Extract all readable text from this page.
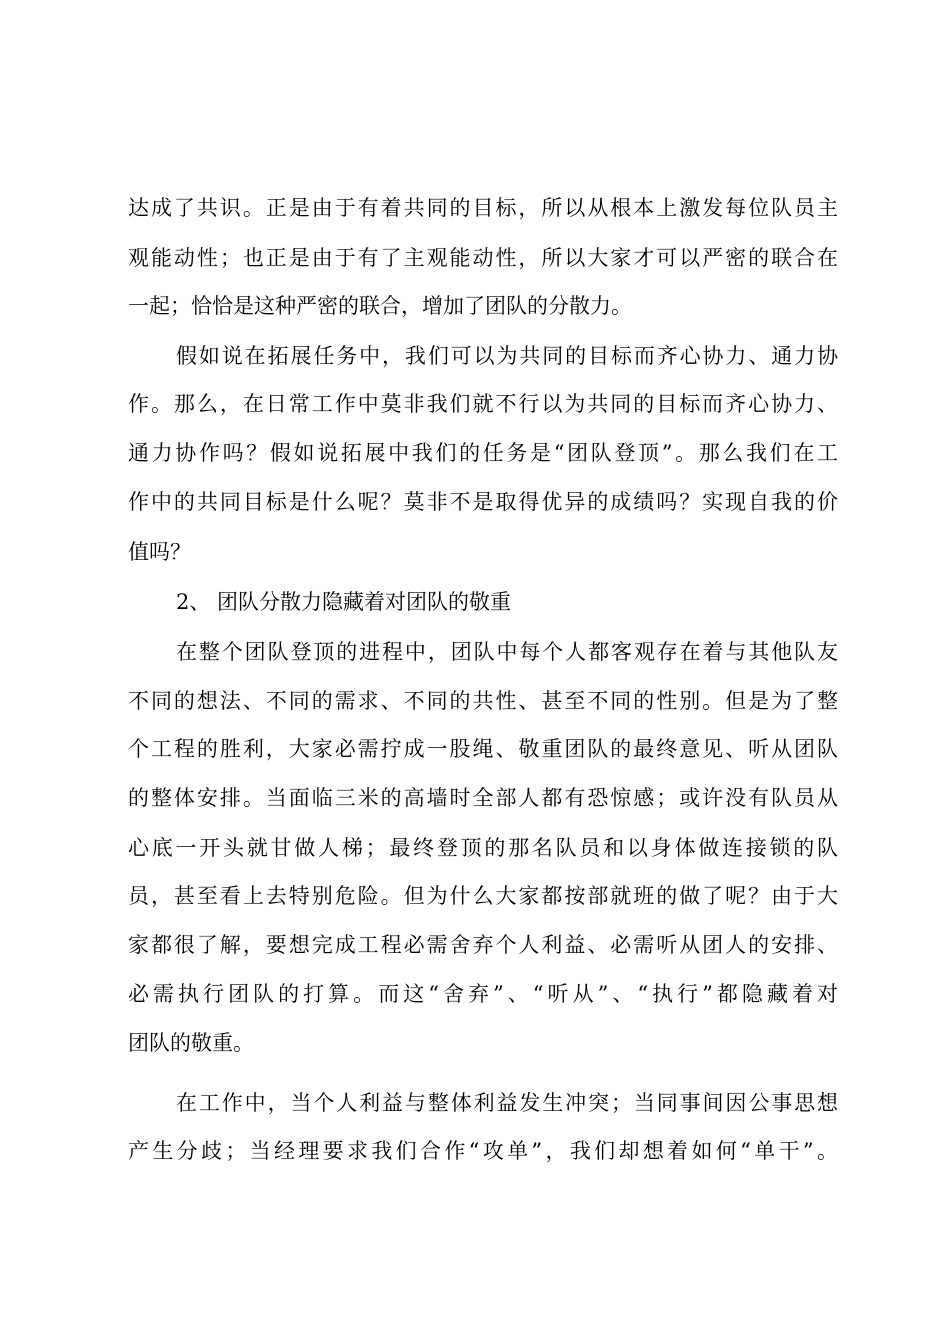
达成了共识。正是由于有着共同的目标，所以从根本上激发每位队员主
观能动性；也正是由于有了主观能动性，所以大家才可以严密的联合在
一起；恰恰是这种严密的联合，增加了团队的分散力。
假如说在拓展任务中，我们可以为共同的目标而齐心协力、通力协
作。那么，在日常工作中莫非我们就不行以为共同的目标而齐心协力、
通力协作吗？假如说拓展中我们的任务是“团队登顶”。那么我们在工
作中的共同目标是什么呢？莫非不是取得优异的成绩吗？实现自我的价
值吗？
2、 团队分散力隐藏着对团队的敬重
在整个团队登顶的进程中，团队中每个人都客观存在着与其他队友
不同的想法、不同的需求、不同的共性、甚至不同的性别。但是为了整
个工程的胜利，大家必需拧成一股绳、敬重团队的最终意见、听从团队
的整体安排。当面临三米的高墙时全部人都有恐惊感；或许没有队员从
心底一开头就甘做人梯；最终登顶的那名队员和以身体做连接锁的队
员，甚至看上去特别危险。但为什么大家都按部就班的做了呢？由于大
家都很了解，要想完成工程必需舍弃个人利益、必需听从团人的安排、
必需执行团队的打算。而这“舍弃”、“听从”、“执行”都隐藏着对
团队的敬重。
在工作中，当个人利益与整体利益发生冲突；当同事间因公事思想
产生分歧；当经理要求我们合作“攻单”，我们却想着如何“单干”。
